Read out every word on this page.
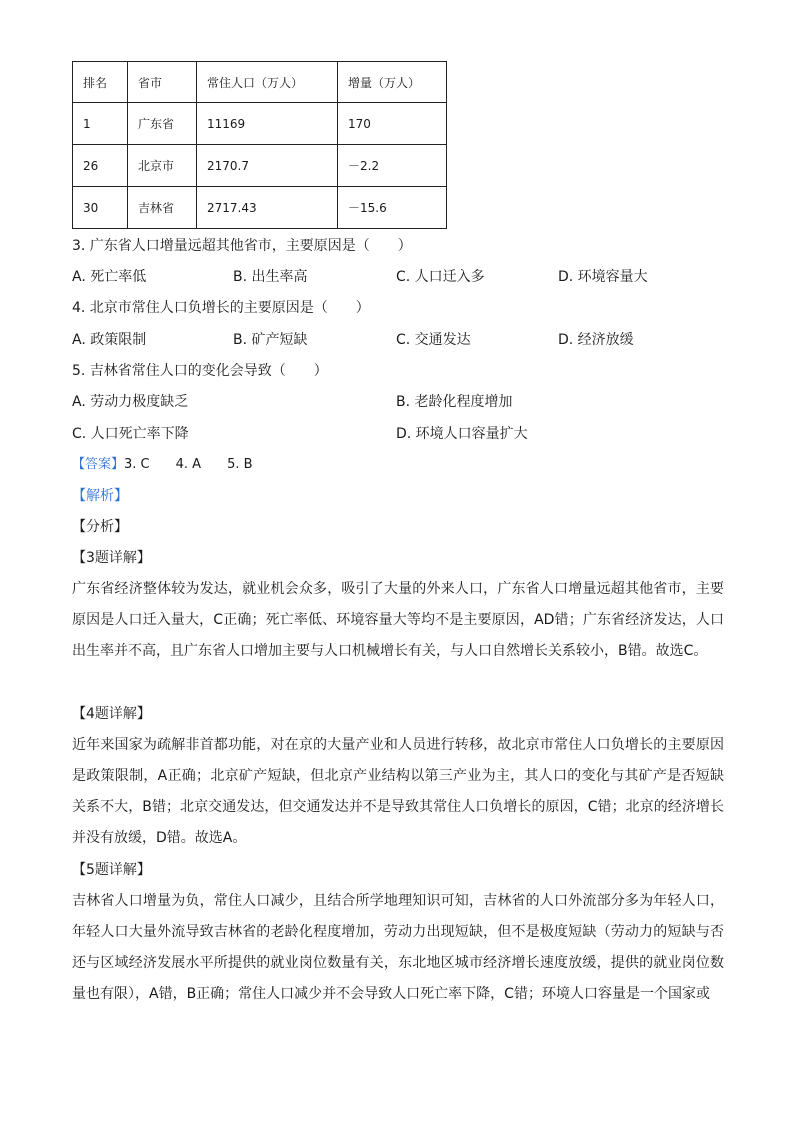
排名	省市	常住人口（万人）	增量（万人）
1	广东省	11169	170
26	北京市	2170.7	－2.2
30	吉林省	2717.43	－15.6
3. 广东省人口增量远超其他省市，主要原因是（　　）
A. 死亡率低	B. 出生率高	C. 人口迁入多	D. 环境容量大
4. 北京市常住人口负增长的主要原因是（　　）
A. 政策限制	B. 矿产短缺	C. 交通发达	D. 经济放缓
5. 吉林省常住人口的变化会导致（　　）
A. 劳动力极度缺乏	B. 老龄化程度增加
C. 人口死亡率下降	D. 环境人口容量扩大
【答案】3. C 4. A 5. B
【解析】
【分析】
【3题详解】

广东省经济整体较为发达，就业机会众多，吸引了大量的外来人口，广东省人口增量远超其他省市，主要原因是人口迁入量大，C正确；死亡率低、环境容量大等均不是主要原因，AD错；广东省经济发达，人口出生率并不高，且广东省人口增加主要与人口机械增长有关，与人口自然增长关系较小，B错。故选C。

【4题详解】

近年来国家为疏解非首都功能，对在京的大量产业和人员进行转移，故北京市常住人口负增长的主要原因是政策限制，A正确；北京矿产短缺，但北京产业结构以第三产业为主，其人口的变化与其矿产是否短缺关系不大，B错；北京交通发达，但交通发达并不是导致其常住人口负增长的原因，C错；北京的经济增长并没有放缓，D错。故选A。

【5题详解】

吉林省人口增量为负，常住人口减少，且结合所学地理知识可知，吉林省的人口外流部分多为年轻人口，年轻人口大量外流导致吉林省的老龄化程度增加，劳动力出现短缺，但不是极度短缺（劳动力的短缺与否还与区域经济发展水平所提供的就业岗位数量有关，东北地区城市经济增长速度放缓，提供的就业岗位数量也有限），A错，B正确；常住人口减少并不会导致人口死亡率下降，C错；环境人口容量是一个国家或
